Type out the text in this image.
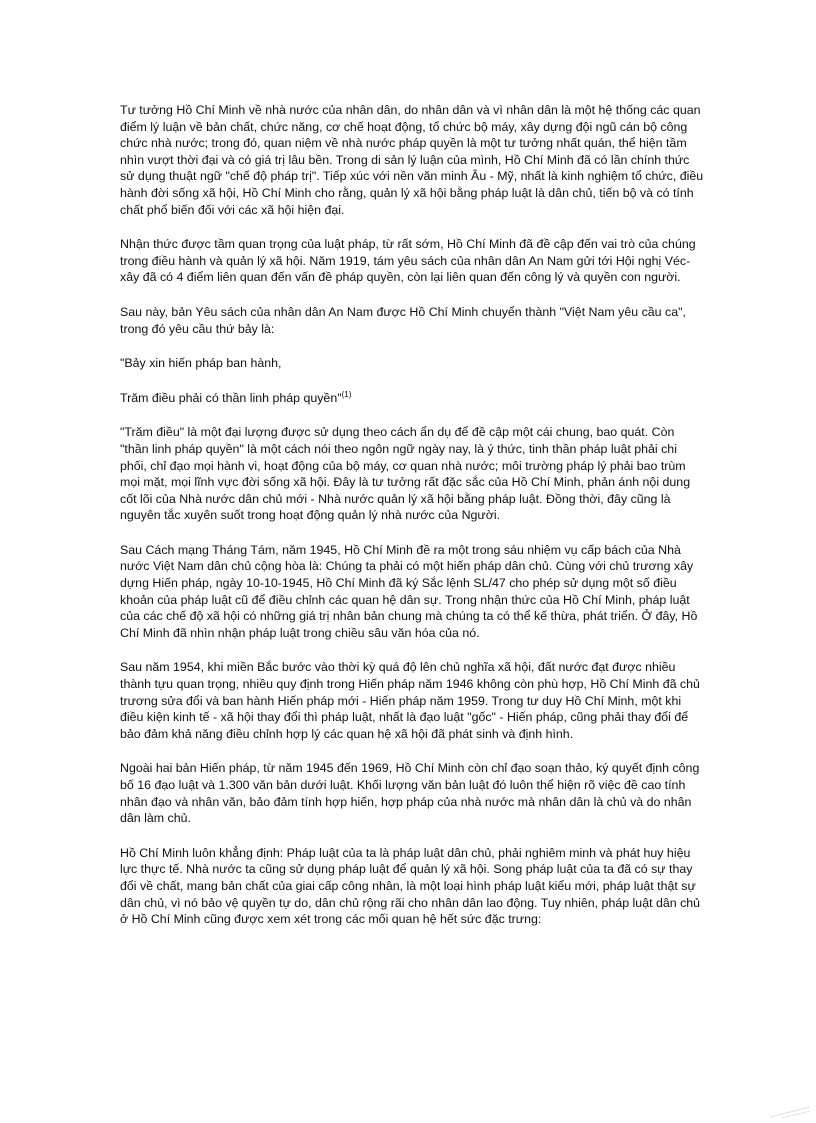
Tư tưởng Hồ Chí Minh về nhà nước của nhân dân, do nhân dân và vì nhân dân là một hệ thống các quan điểm lý luận về bản chất, chức năng, cơ chế hoạt động, tổ chức bộ máy, xây dựng đội ngũ cán bộ công chức nhà nước; trong đó, quan niệm về nhà nước pháp quyền là một tư tưởng nhất quán, thể hiện tầm nhìn vượt thời đại và có giá trị lâu bền. Trong di sản lý luận của mình, Hồ Chí Minh đã có lần chính thức sử dụng thuật ngữ "chế độ pháp trị". Tiếp xúc với nền văn minh Âu - Mỹ, nhất là kinh nghiệm tổ chức, điều hành đời sống xã hội, Hồ Chí Minh cho rằng, quản lý xã hội bằng pháp luật là dân chủ, tiến bộ và có tính chất phổ biến đối với các xã hội hiện đại.

Nhận thức được tầm quan trọng của luật pháp, từ rất sớm, Hồ Chí Minh đã đề cập đến vai trò của chúng trong điều hành và quản lý xã hội. Năm 1919, tám yêu sách của nhân dân An Nam gửi tới Hội nghị Véc- xây đã có 4 điểm liên quan đến vấn đề pháp quyền, còn lại liên quan đến công lý và quyền con người.

Sau này, bản Yêu sách của nhân dân An Nam được Hồ Chí Minh chuyển thành "Việt Nam yêu cầu ca", trong đó yêu cầu thứ bảy là:

"Bảy xin hiến pháp ban hành,

Trăm điều phải có thần linh pháp quyền"$^{(1)}$

"Trăm điều" là một đại lượng được sử dụng theo cách ẩn dụ để đề cập một cái chung, bao quát. Còn "thần linh pháp quyền" là một cách nói theo ngôn ngữ ngày nay, là ý thức, tinh thần pháp luật phải chi phối, chỉ đạo mọi hành vi, hoạt động của bộ máy, cơ quan nhà nước; môi trường pháp lý phải bao trùm mọi mặt, mọi lĩnh vực đời sống xã hội. Đây là tư tưởng rất đặc sắc của Hồ Chí Minh, phản ánh nội dung cốt lõi của Nhà nước dân chủ mới - Nhà nước quản lý xã hội bằng pháp luật. Đồng thời, đây cũng là nguyên tắc xuyên suốt trong hoạt động quản lý nhà nước của Người.

Sau Cách mạng Tháng Tám, năm 1945, Hồ Chí Minh đề ra một trong sáu nhiệm vụ cấp bách của Nhà nước Việt Nam dân chủ cộng hòa là: Chúng ta phải có một hiến pháp dân chủ. Cùng với chủ trương xây dựng Hiến pháp, ngày 10-10-1945, Hồ Chí Minh đã ký Sắc lệnh SL/47 cho phép sử dụng một số điều khoản của pháp luật cũ để điều chỉnh các quan hệ dân sự. Trong nhận thức của Hồ Chí Minh, pháp luật của các chế độ xã hội có những giá trị nhân bản chung mà chúng ta có thể kế thừa, phát triển. Ở đây, Hồ Chí Minh đã nhìn nhận pháp luật trong chiều sâu văn hóa của nó.

Sau năm 1954, khi miền Bắc bước vào thời kỳ quá độ lên chủ nghĩa xã hội, đất nước đạt được nhiều thành tựu quan trọng, nhiều quy định trong Hiến pháp năm 1946 không còn phù hợp, Hồ Chí Minh đã chủ trương sửa đổi và ban hành Hiến pháp mới - Hiến pháp năm 1959. Trong tư duy Hồ Chí Minh, một khi điều kiện kinh tế - xã hội thay đổi thì pháp luật, nhất là đạo luật "gốc" - Hiến pháp, cũng phải thay đổi để bảo đảm khả năng điều chỉnh hợp lý các quan hệ xã hội đã phát sinh và định hình.

Ngoài hai bản Hiến pháp, từ năm 1945 đến 1969, Hồ Chí Minh còn chỉ đạo soạn thảo, ký quyết định công bố 16 đạo luật và 1.300 văn bản dưới luật. Khối lượng văn bản luật đó luôn thể hiện rõ việc đề cao tính nhân đạo và nhân văn, bảo đảm tính hợp hiến, hợp pháp của nhà nước mà nhân dân là chủ và do nhân dân làm chủ.

Hồ Chí Minh luôn khẳng định: Pháp luật của ta là pháp luật dân chủ, phải nghiêm minh và phát huy hiệu lực thực tế. Nhà nước ta cũng sử dụng pháp luật để quản lý xã hội. Song pháp luật của ta đã có sự thay đổi về chất, mang bản chất của giai cấp công nhân, là một loại hình pháp luật kiểu mới, pháp luật thật sự dân chủ, vì nó bảo vệ quyền tự do, dân chủ rộng rãi cho nhân dân lao động. Tuy nhiên, pháp luật dân chủ ở Hồ Chí Minh cũng được xem xét trong các mối quan hệ hết sức đặc trưng:
